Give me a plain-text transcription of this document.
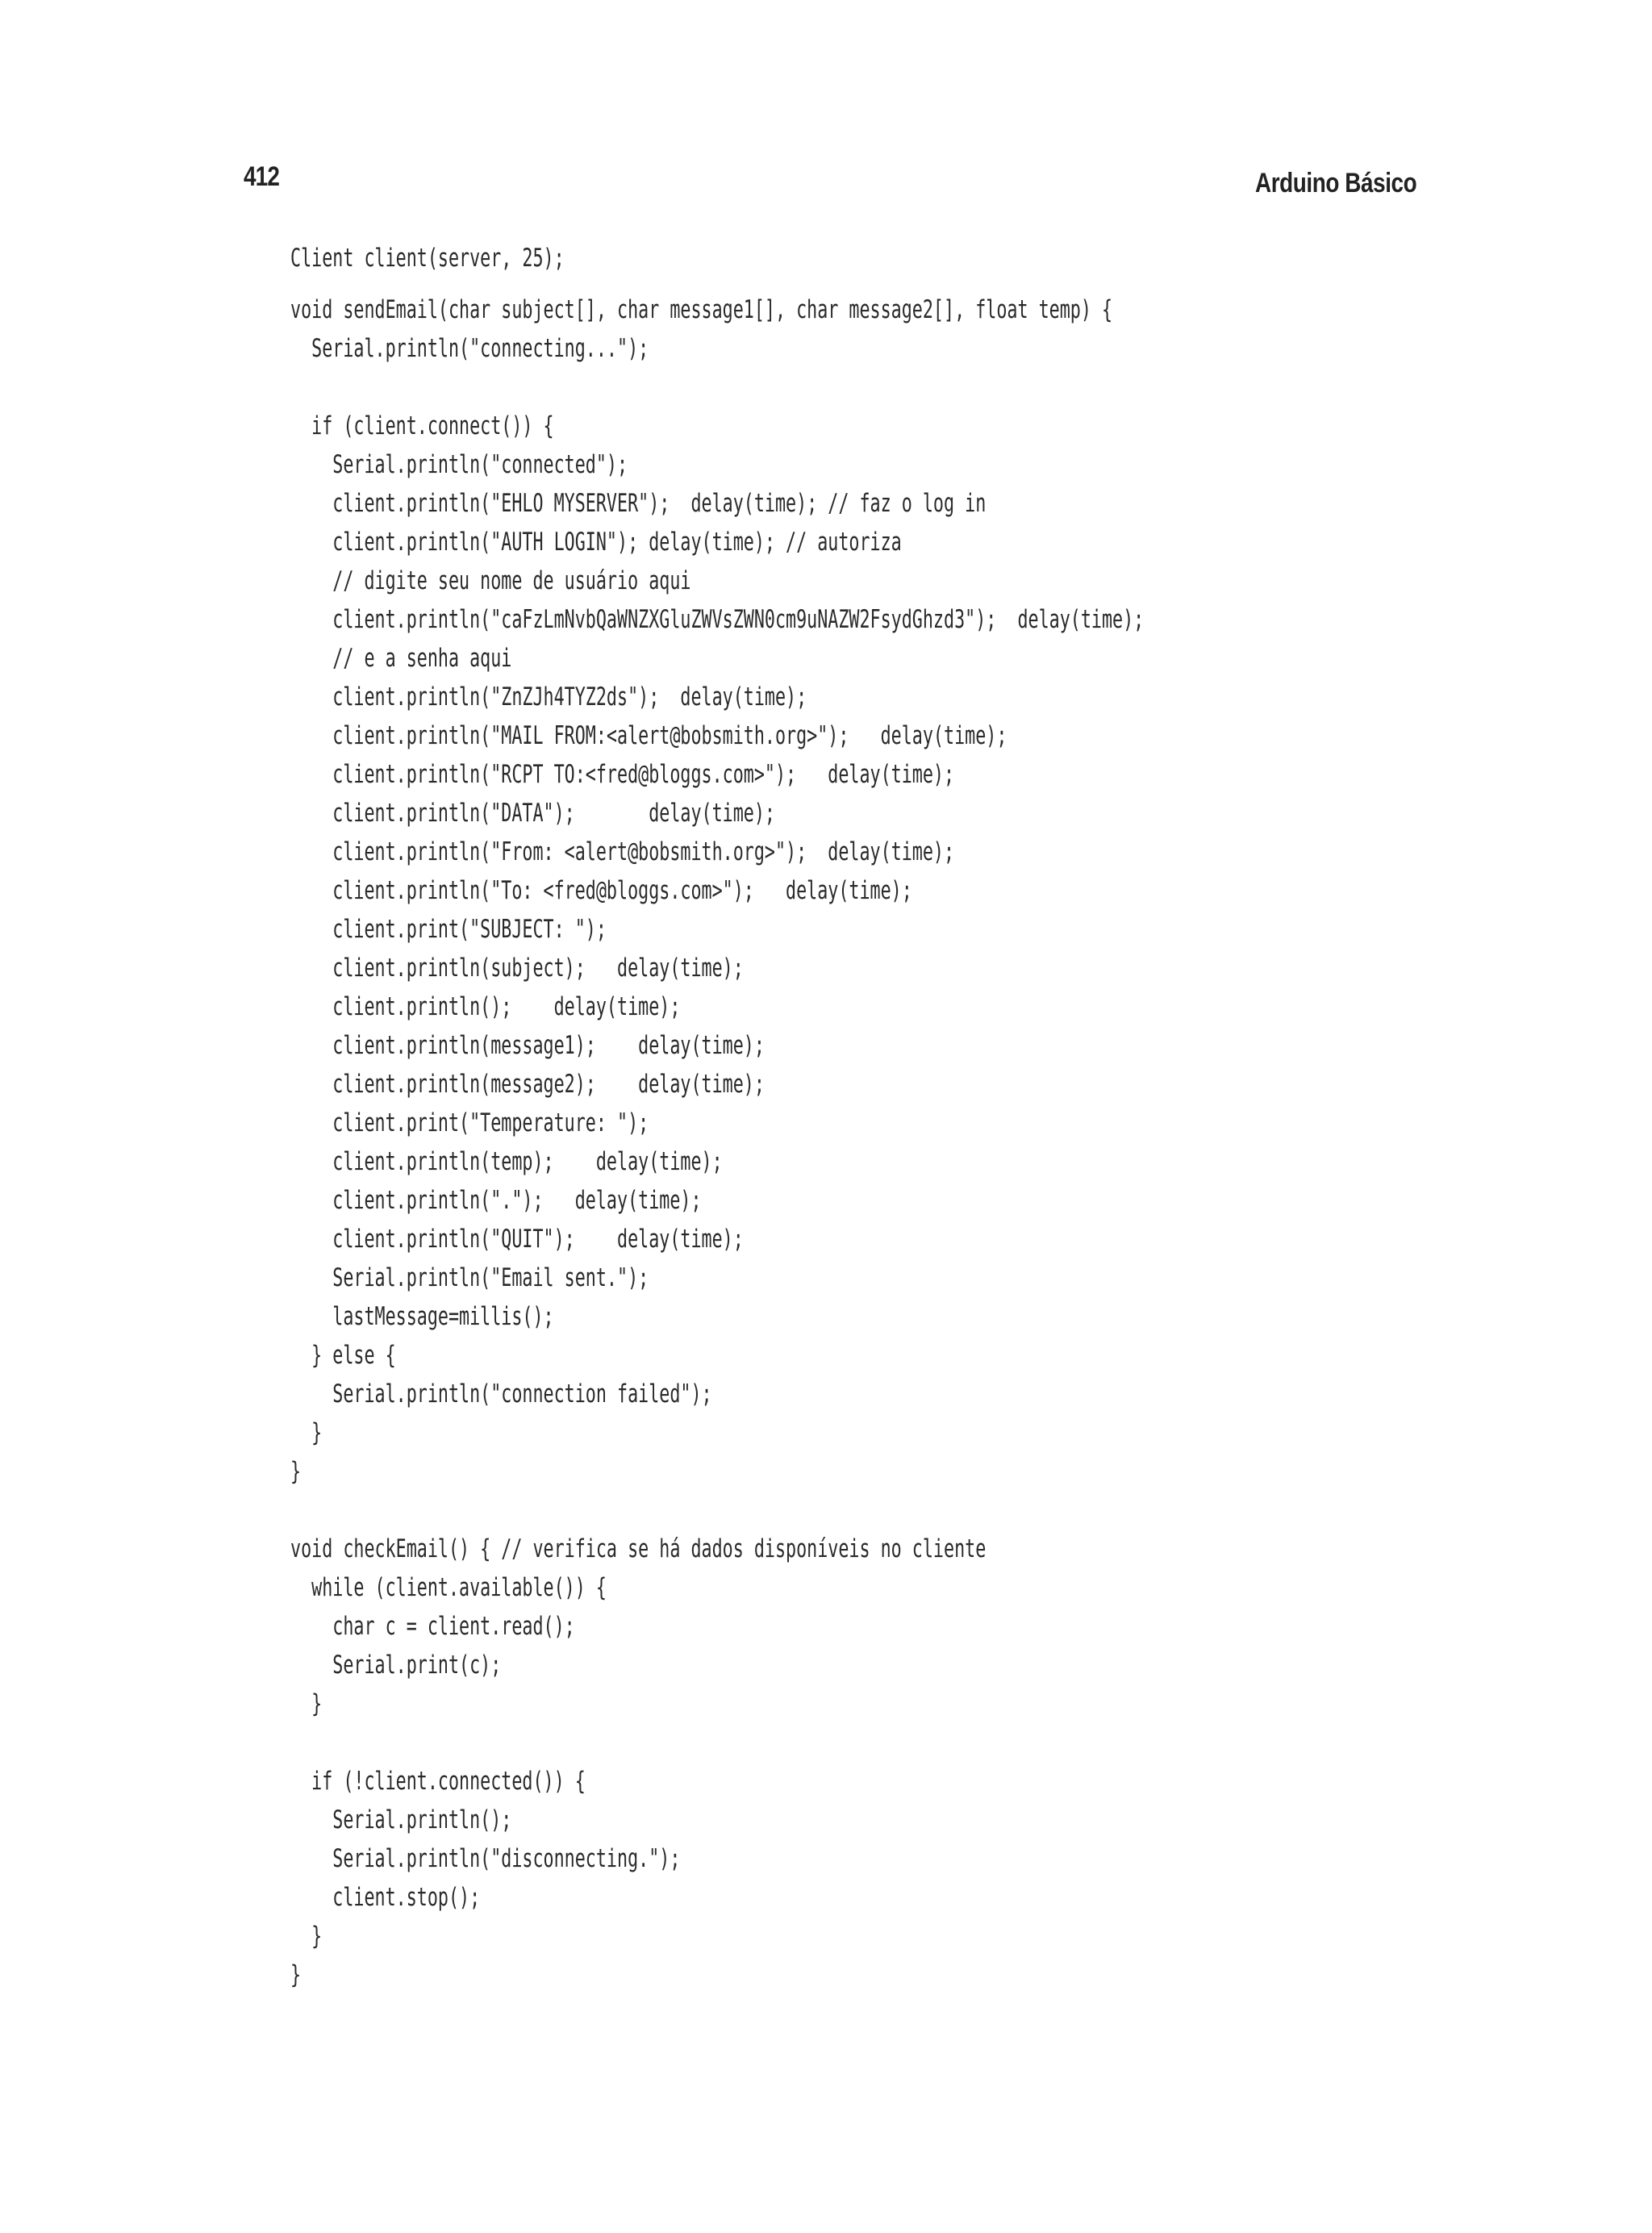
412	Arduino Básico
Client client(server, 25);
void sendEmail(char subject[], char message1[], char message2[], float temp) {
Serial.println("connecting...");
if (client.connect()) {
Serial.println("connected");
client.println("EHLO MYSERVER");  delay(time); // faz o log in
client.println("AUTH LOGIN"); delay(time); // autoriza
// digite seu nome de usuário aqui
client.println("caFzLmNvbQaWNZXGluZWVsZWN0cm9uNAZW2FsydGhzd3");  delay(time);
// e a senha aqui
client.println("ZnZJh4TYZ2ds");  delay(time);
client.println("MAIL FROM:<alert@bobsmith.org>");   delay(time);
client.println("RCPT TO:<fred@bloggs.com>");   delay(time);
client.println("DATA");       delay(time);
client.println("From: <alert@bobsmith.org>");  delay(time);
client.println("To: <fred@bloggs.com>");   delay(time);
client.print("SUBJECT: ");
client.println(subject);   delay(time);
client.println();    delay(time);
client.println(message1);    delay(time);
client.println(message2);    delay(time);
client.print("Temperature: ");
client.println(temp);    delay(time);
client.println(".");   delay(time);
client.println("QUIT");    delay(time);
Serial.println("Email sent.");
lastMessage=millis();
} else {
Serial.println("connection failed");
}
}
void checkEmail() { // verifica se há dados disponíveis no cliente
while (client.available()) {
char c = client.read();
Serial.print(c);
}
if (!client.connected()) {
Serial.println();
Serial.println("disconnecting.");
client.stop();
}
}
